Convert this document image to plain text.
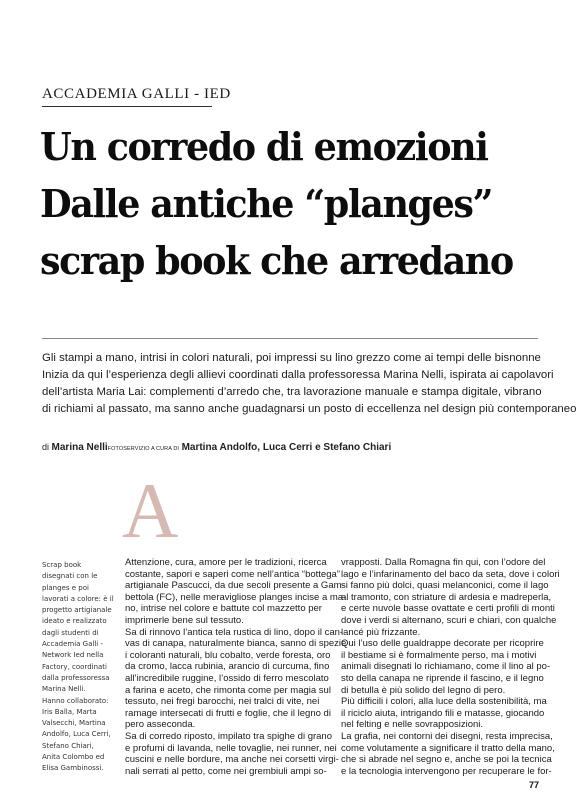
ACCADEMIA GALLI - IED
Un corredo di emozioni
Dalle antiche “planges”
scrap book che arredano
Gli stampi a mano, intrisi in colori naturali, poi impressi su lino grezzo come ai tempi delle bisnonne
Inizia da qui l’esperienza degli allievi coordinati dalla professoressa Marina Nelli, ispirata ai capolavori
dell’artista Maria Lai: complementi d’arredo che, tra lavorazione manuale e stampa digitale, vibrano
di richiami al passato, ma sanno anche guadagnarsi un posto di eccellenza nel design più contemporaneo
di Marina NelliFOTOSERVIZIO A CURA DI Martina Andolfo, Luca Cerri e Stefano Chiari
A
Scrap book
disegnati con le
planges e poi
lavorati a colore: è il
progetto artigianale
ideato e realizzato
dagli studenti di
Accademia Galli -
Network Ied nella
Factory, coordinati
dalla professoressa
Marina Nelli.
Hanno collaborato:
Iris Balla, Marta
Valsecchi, Martina
Andolfo, Luca Cerri,
Stefano Chiari,
Anita Colombo ed
Elisa Gambinossi.
Attenzione, cura, amore per le tradizioni, ricerca
costante, sapori e saperi come nell’antica “bottega”
artigianale Pascucci, da due secoli presente a Gam-
bettola (FC), nelle meravigliose planges incise a ma-
no, intrise nel colore e battute col mazzetto per
imprimerle bene sul tessuto.
Sa di rinnovo l’antica tela rustica di lino, dopo il can-
vas di canapa, naturalmente bianca, sanno di spezie
i coloranti naturali, blu cobalto, verde foresta, oro
da cromo, lacca rubinia, arancio di curcuma, fino
all’incredibile ruggine, l’ossido di ferro mescolato
a farina e aceto, che rimonta come per magia sul
tessuto, nei fregi barocchi, nei tralci di vite, nei
ramage intersecati di frutti e foglie, che il legno di
pero asseconda.
Sa di corredo riposto, impilato tra spighe di grano
e profumi di lavanda, nelle tovaglie, nei runner, nei
cuscini e nelle bordure, ma anche nei corsetti virgi-
nali serrati al petto, come nei grembiuli ampi so-
vrapposti. Dalla Romagna fin qui, con l’odore del
lago e l’infarinamento del baco da seta, dove i colori
si fanno più dolci, quasi melanconici, come il lago
al tramonto, con striature di ardesia e madreperla,
e certe nuvole basse ovattate e certi profili di monti
dove i verdi si alternano, scuri e chiari, con qualche
lancé più frizzante.
Qui l’uso delle gualdrappe decorate per ricoprire
il bestiame si è formalmente perso, ma i motivi
animali disegnati lo richiamano, come il lino al po-
sto della canapa ne riprende il fascino, e il legno
di betulla è più solido del legno di pero.
Più difficili i colori, alla luce della sostenibilità, ma
il riciclo aiuta, intrigando fili e matasse, giocando
nel felting e nelle sovrapposizioni.
La grafia, nei contorni dei disegni, resta imprecisa,
come volutamente a significare il tratto della mano,
che si abrade nel segno e, anche se poi la tecnica
e la tecnologia intervengono per recuperare le for-
77
